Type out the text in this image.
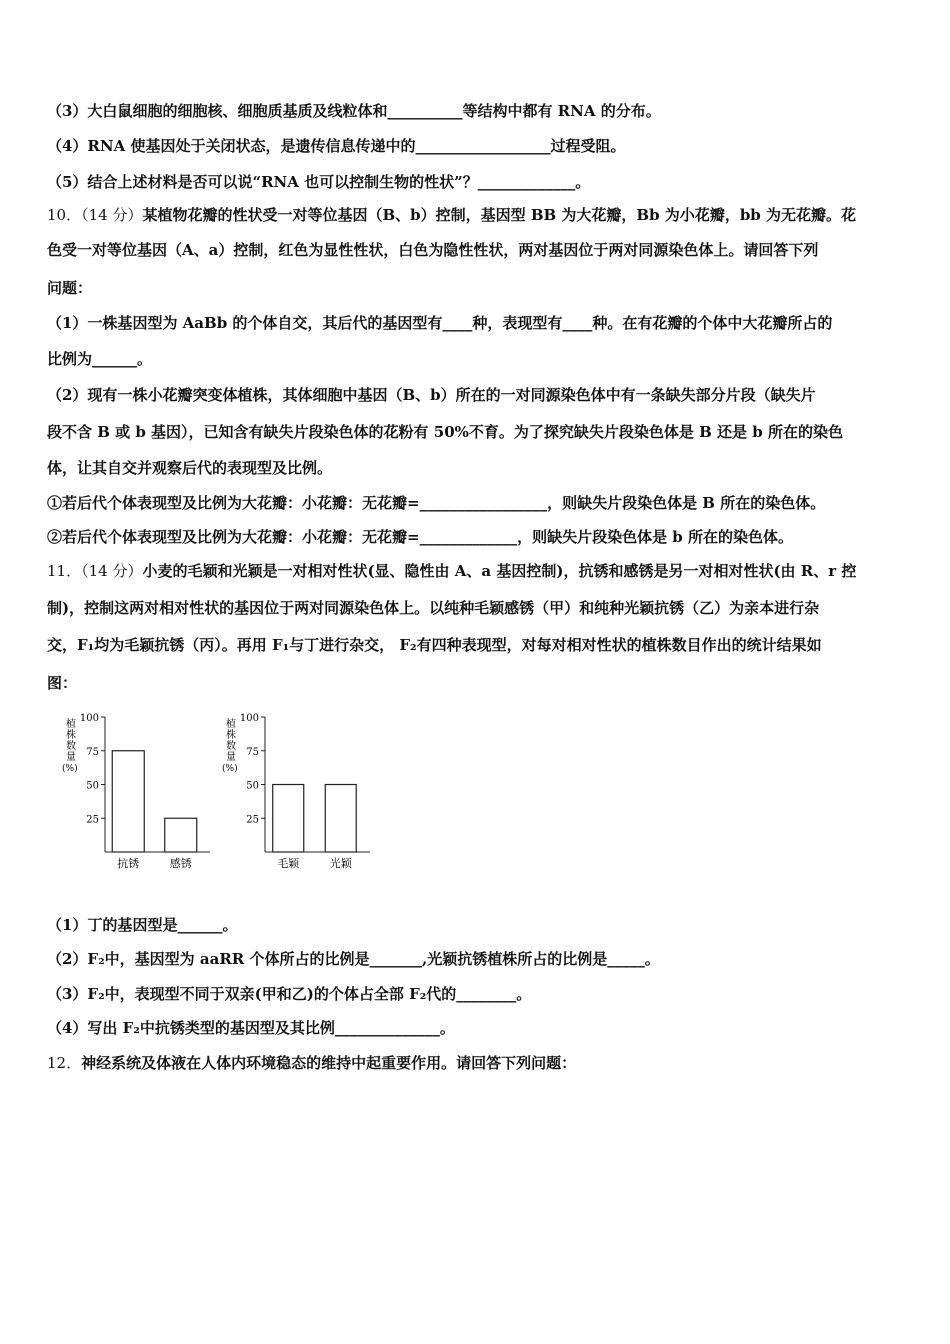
（3）大白鼠细胞的细胞核、细胞质基质及线粒体和__________等结构中都有 RNA 的分布。
（4）RNA 使基因处于关闭状态，是遗传信息传递中的__________________过程受阻。
（5）结合上述材料是否可以说“RNA 也可以控制生物的性状”？_____________。
10．（14 分）某植物花瓣的性状受一对等位基因（B、b）控制，基因型 BB 为大花瓣，Bb 为小花瓣，bb 为无花瓣。花
色受一对等位基因（A、a）控制，红色为显性性状，白色为隐性性状，两对基因位于两对同源染色体上。请回答下列
问题：
（1）一株基因型为 AaBb 的个体自交，其后代的基因型有____种，表现型有____种。在有花瓣的个体中大花瓣所占的
比例为______。
（2）现有一株小花瓣突变体植株，其体细胞中基因（B、b）所在的一对同源染色体中有一条缺失部分片段（缺失片
段不含 B 或 b 基因），已知含有缺失片段染色体的花粉有 50%不育。为了探究缺失片段染色体是 B 还是 b 所在的染色
体，让其自交并观察后代的表现型及比例。
①若后代个体表现型及比例为大花瓣：小花瓣：无花瓣=_________________，则缺失片段染色体是 B 所在的染色体。
②若后代个体表现型及比例为大花瓣：小花瓣：无花瓣=_____________，则缺失片段染色体是 b 所在的染色体。
11．（14 分）小麦的毛颖和光颖是一对相对性状(显、隐性由 A、a 基因控制)，抗锈和感锈是另一对相对性状(由 R、r 控
制)，控制这两对相对性状的基因位于两对同源染色体上。以纯种毛颖感锈（甲）和纯种光颖抗锈（乙）为亲本进行杂
交，F₁均为毛颖抗锈（丙）。再用 F₁与丁进行杂交， F₂有四种表现型，对每对相对性状的植株数目作出的统计结果如
图：
植
株
数
量
(%)
100
75
50
25
抗锈	感锈
植
株
数
量
(%)
100
75
50
25
毛颖	光颖
（1）丁的基因型是______。
（2）F₂中，基因型为 aaRR 个体所占的比例是_______,光颖抗锈植株所占的比例是_____。
（3）F₂中，表现型不同于双亲(甲和乙)的个体占全部 F₂代的________。
（4）写出 F₂中抗锈类型的基因型及其比例______________。
12．神经系统及体液在人体内环境稳态的维持中起重要作用。请回答下列问题：
